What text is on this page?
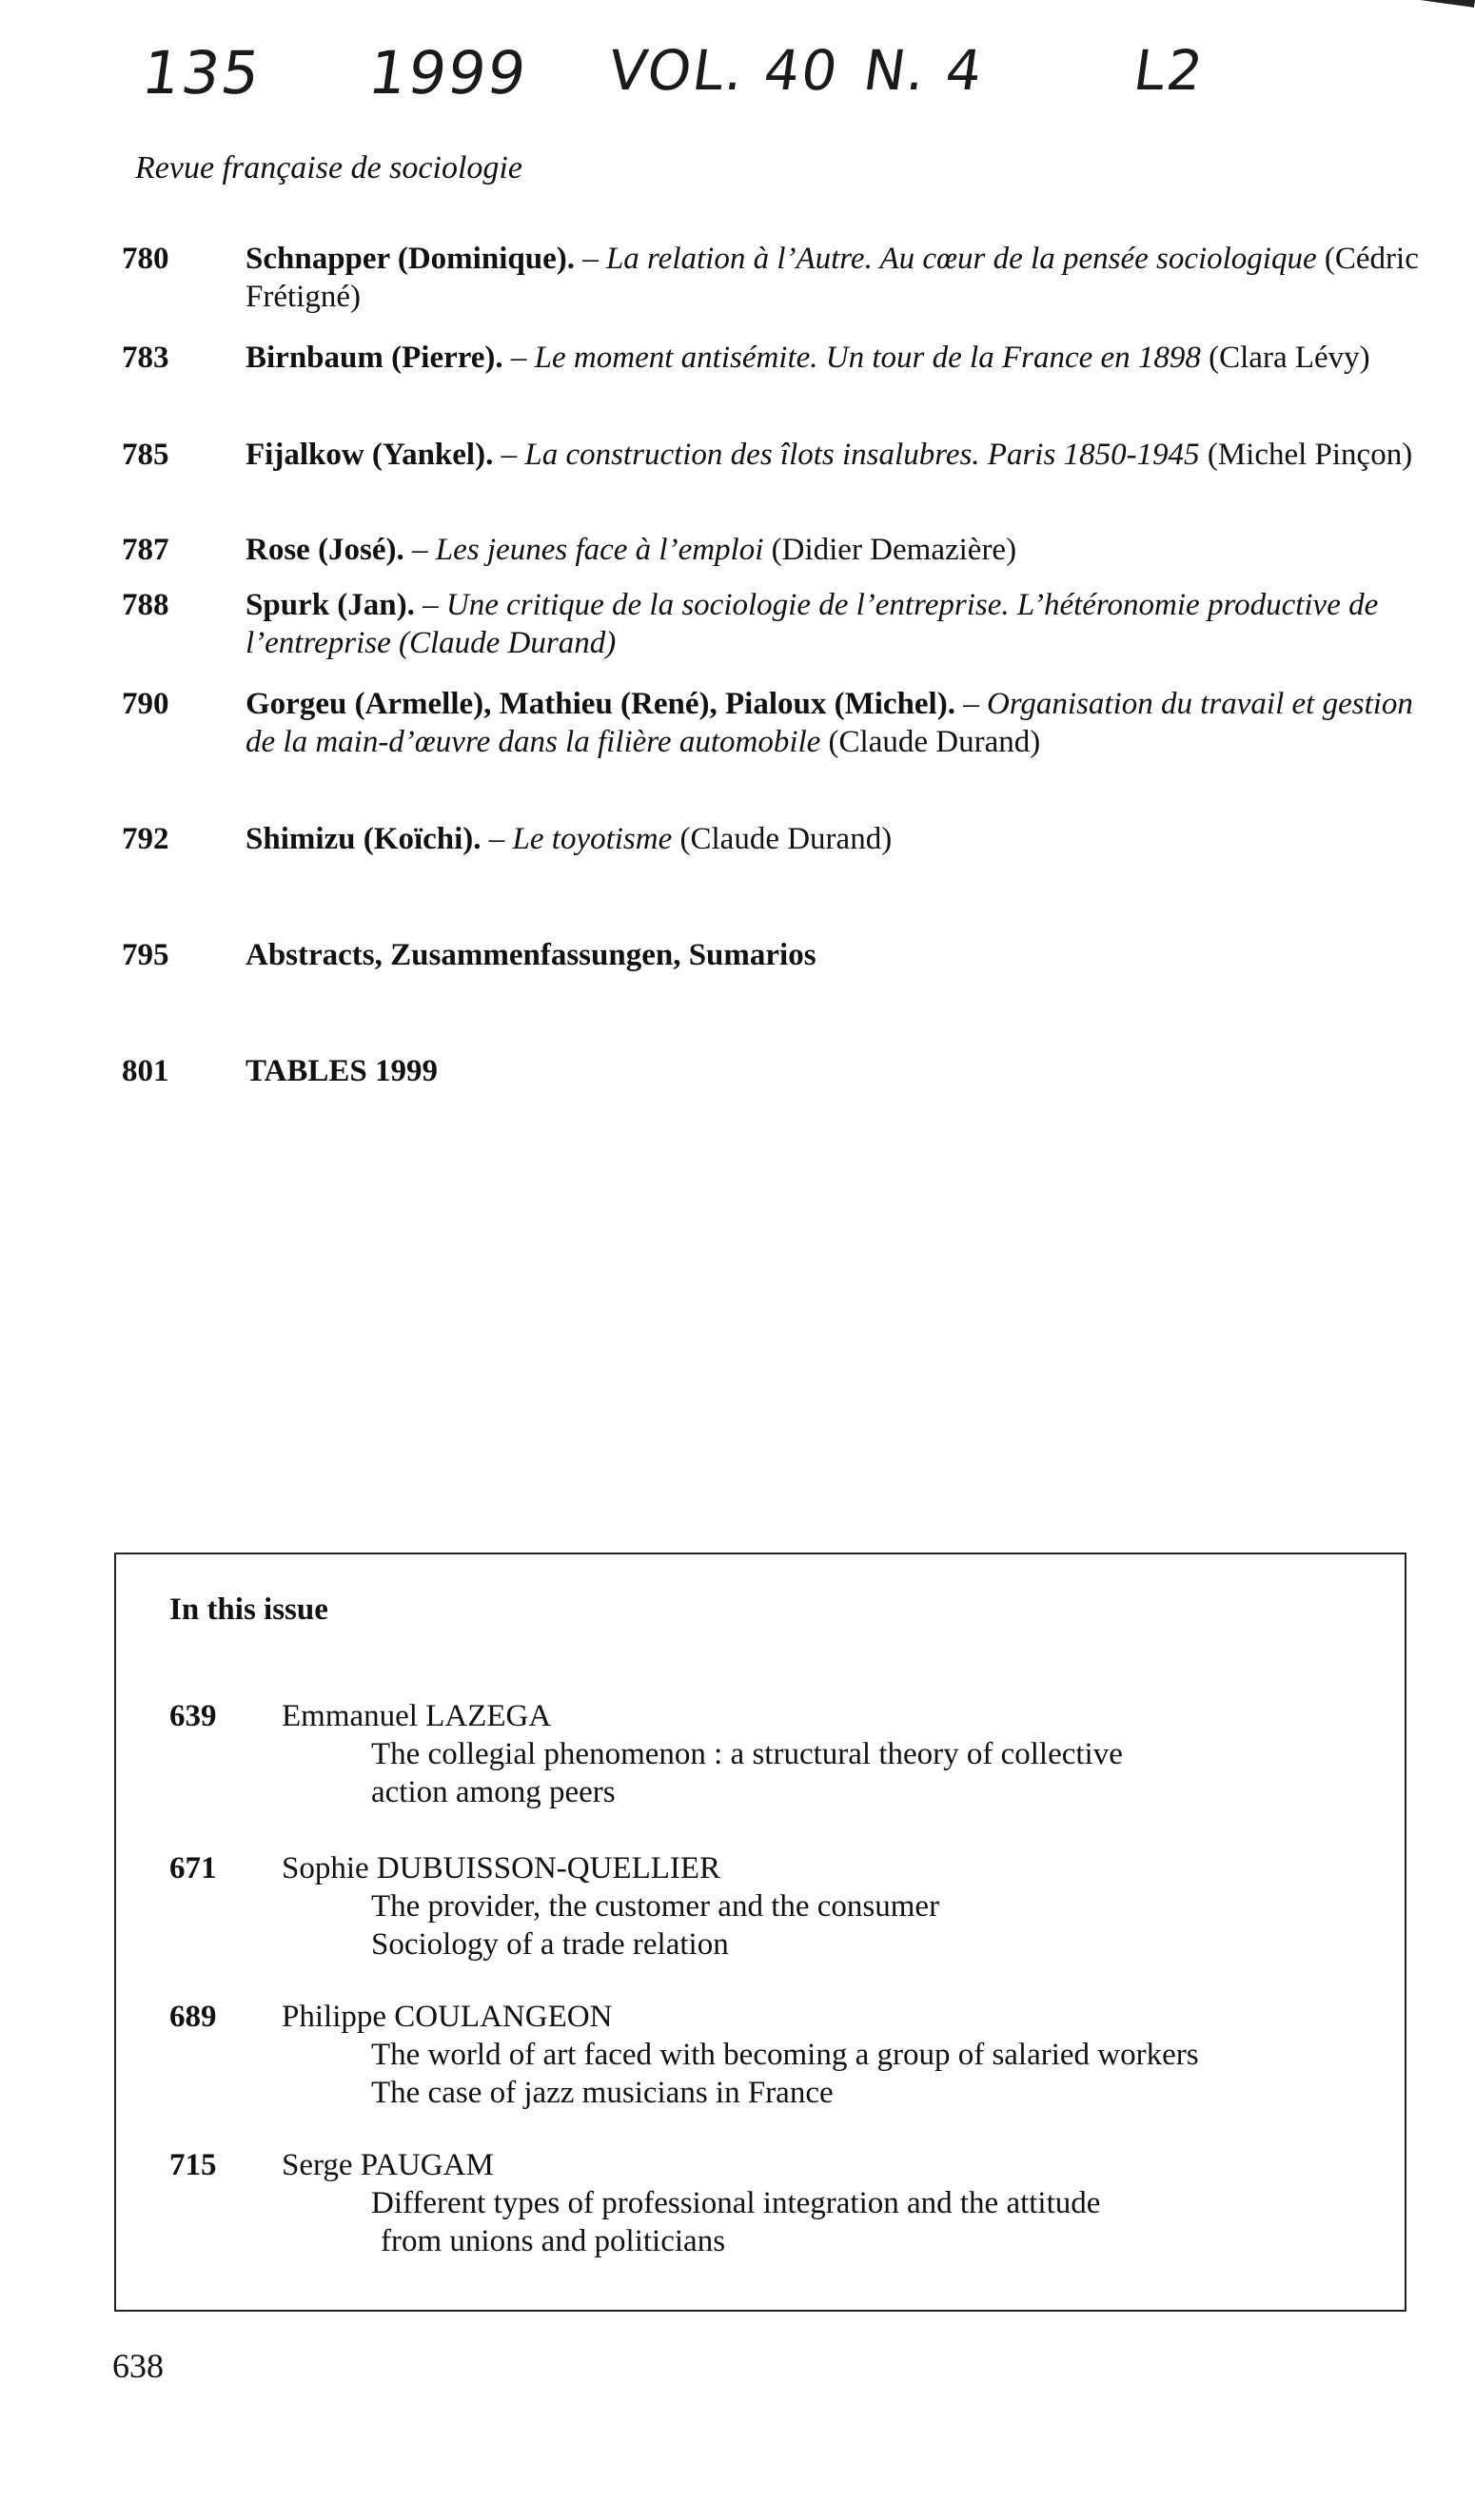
135 1999 VOL. 40 N. 4	L2
Revue française de sociologie
780	Schnapper (Dominique). – La relation à l’Autre. Au cœur de la pensée sociologique (Cédric Frétigné)
783	Birnbaum (Pierre). – Le moment antisémite. Un tour de la France en 1898 (Clara Lévy)
785	Fijalkow (Yankel). – La construction des îlots insalubres. Paris 1850-1945 (Michel Pinçon)
787	Rose (José). – Les jeunes face à l’emploi (Didier Demazière)
788	Spurk (Jan). – Une critique de la sociologie de l’entreprise. L’hétéronomie productive de l’entreprise (Claude Durand)
790	Gorgeu (Armelle), Mathieu (René), Pialoux (Michel). – Organisation du travail et gestion de la main-d’œuvre dans la filière automobile (Claude Durand)
792	Shimizu (Koïchi). – Le toyotisme (Claude Durand)
795	Abstracts, Zusammenfassungen, Sumarios
801	TABLES 1999
In this issue
639 Emmanuel LAZEGA
The collegial phenomenon : a structural theory of collective
action among peers
671 Sophie DUBUISSON-QUELLIER
The provider, the customer and the consumer
Sociology of a trade relation
689 Philippe COULANGEON
The world of art faced with becoming a group of salaried workers
The case of jazz musicians in France
715 Serge PAUGAM
Different types of professional integration and the attitude
from unions and politicians
638
